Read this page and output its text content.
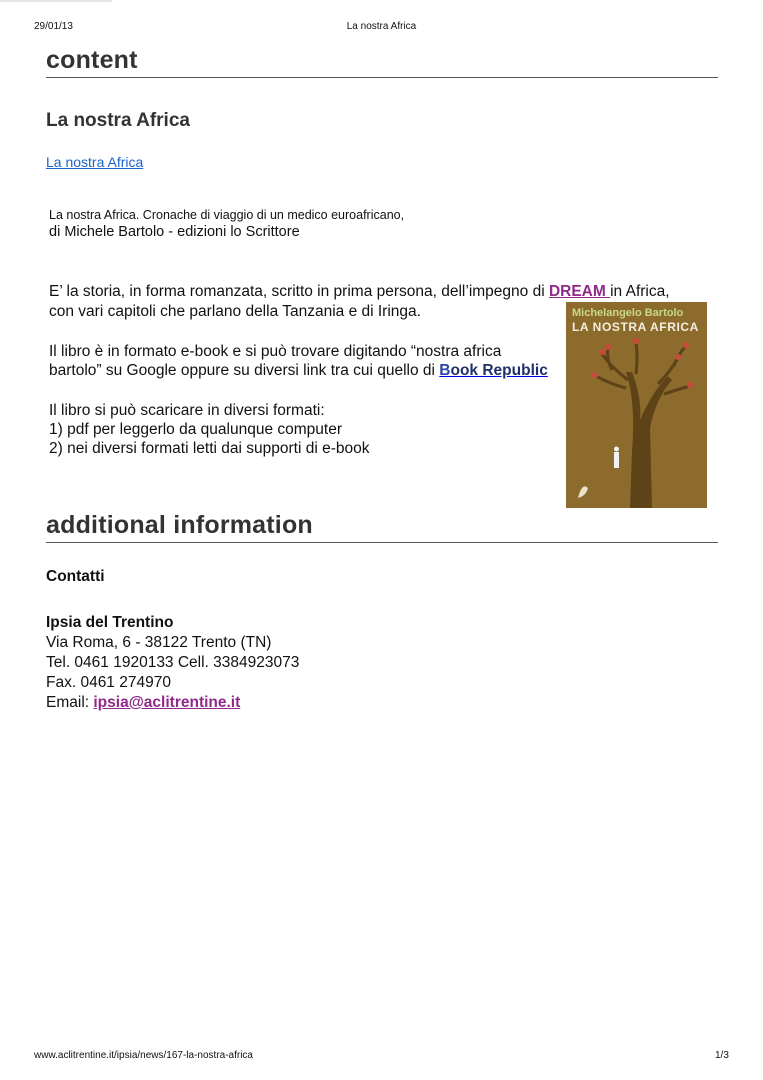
29/01/13	La nostra Africa
content
La nostra Africa
La nostra Africa
La nostra Africa. Cronache di viaggio di un medico euroafricano,
di Michele Bartolo - edizioni lo Scrittore
E’ la storia, in forma romanzata, scritto in prima persona, dell’impegno di DREAM in Africa,
con vari capitoli che parlano della Tanzania e di Iringa.
Il libro è in formato e-book e si può trovare digitando “nostra africa
bartolo” su Google oppure su diversi link tra cui quello di Book Republic
Il libro si può scaricare in diversi formati:
1) pdf per leggerlo da qualunque computer
2) nei diversi formati letti dai supporti di e-book
Michelangelo Bartolo
LA NOSTRA AFRICA
additional information
Contatti
Ipsia del Trentino
Via Roma, 6 - 38122 Trento (TN)
Tel. 0461 1920133 Cell. 3384923073
Fax. 0461 274970
Email: ipsia@aclitrentine.it
www.aclitrentine.it/ipsia/news/167-la-nostra-africa	1/3
